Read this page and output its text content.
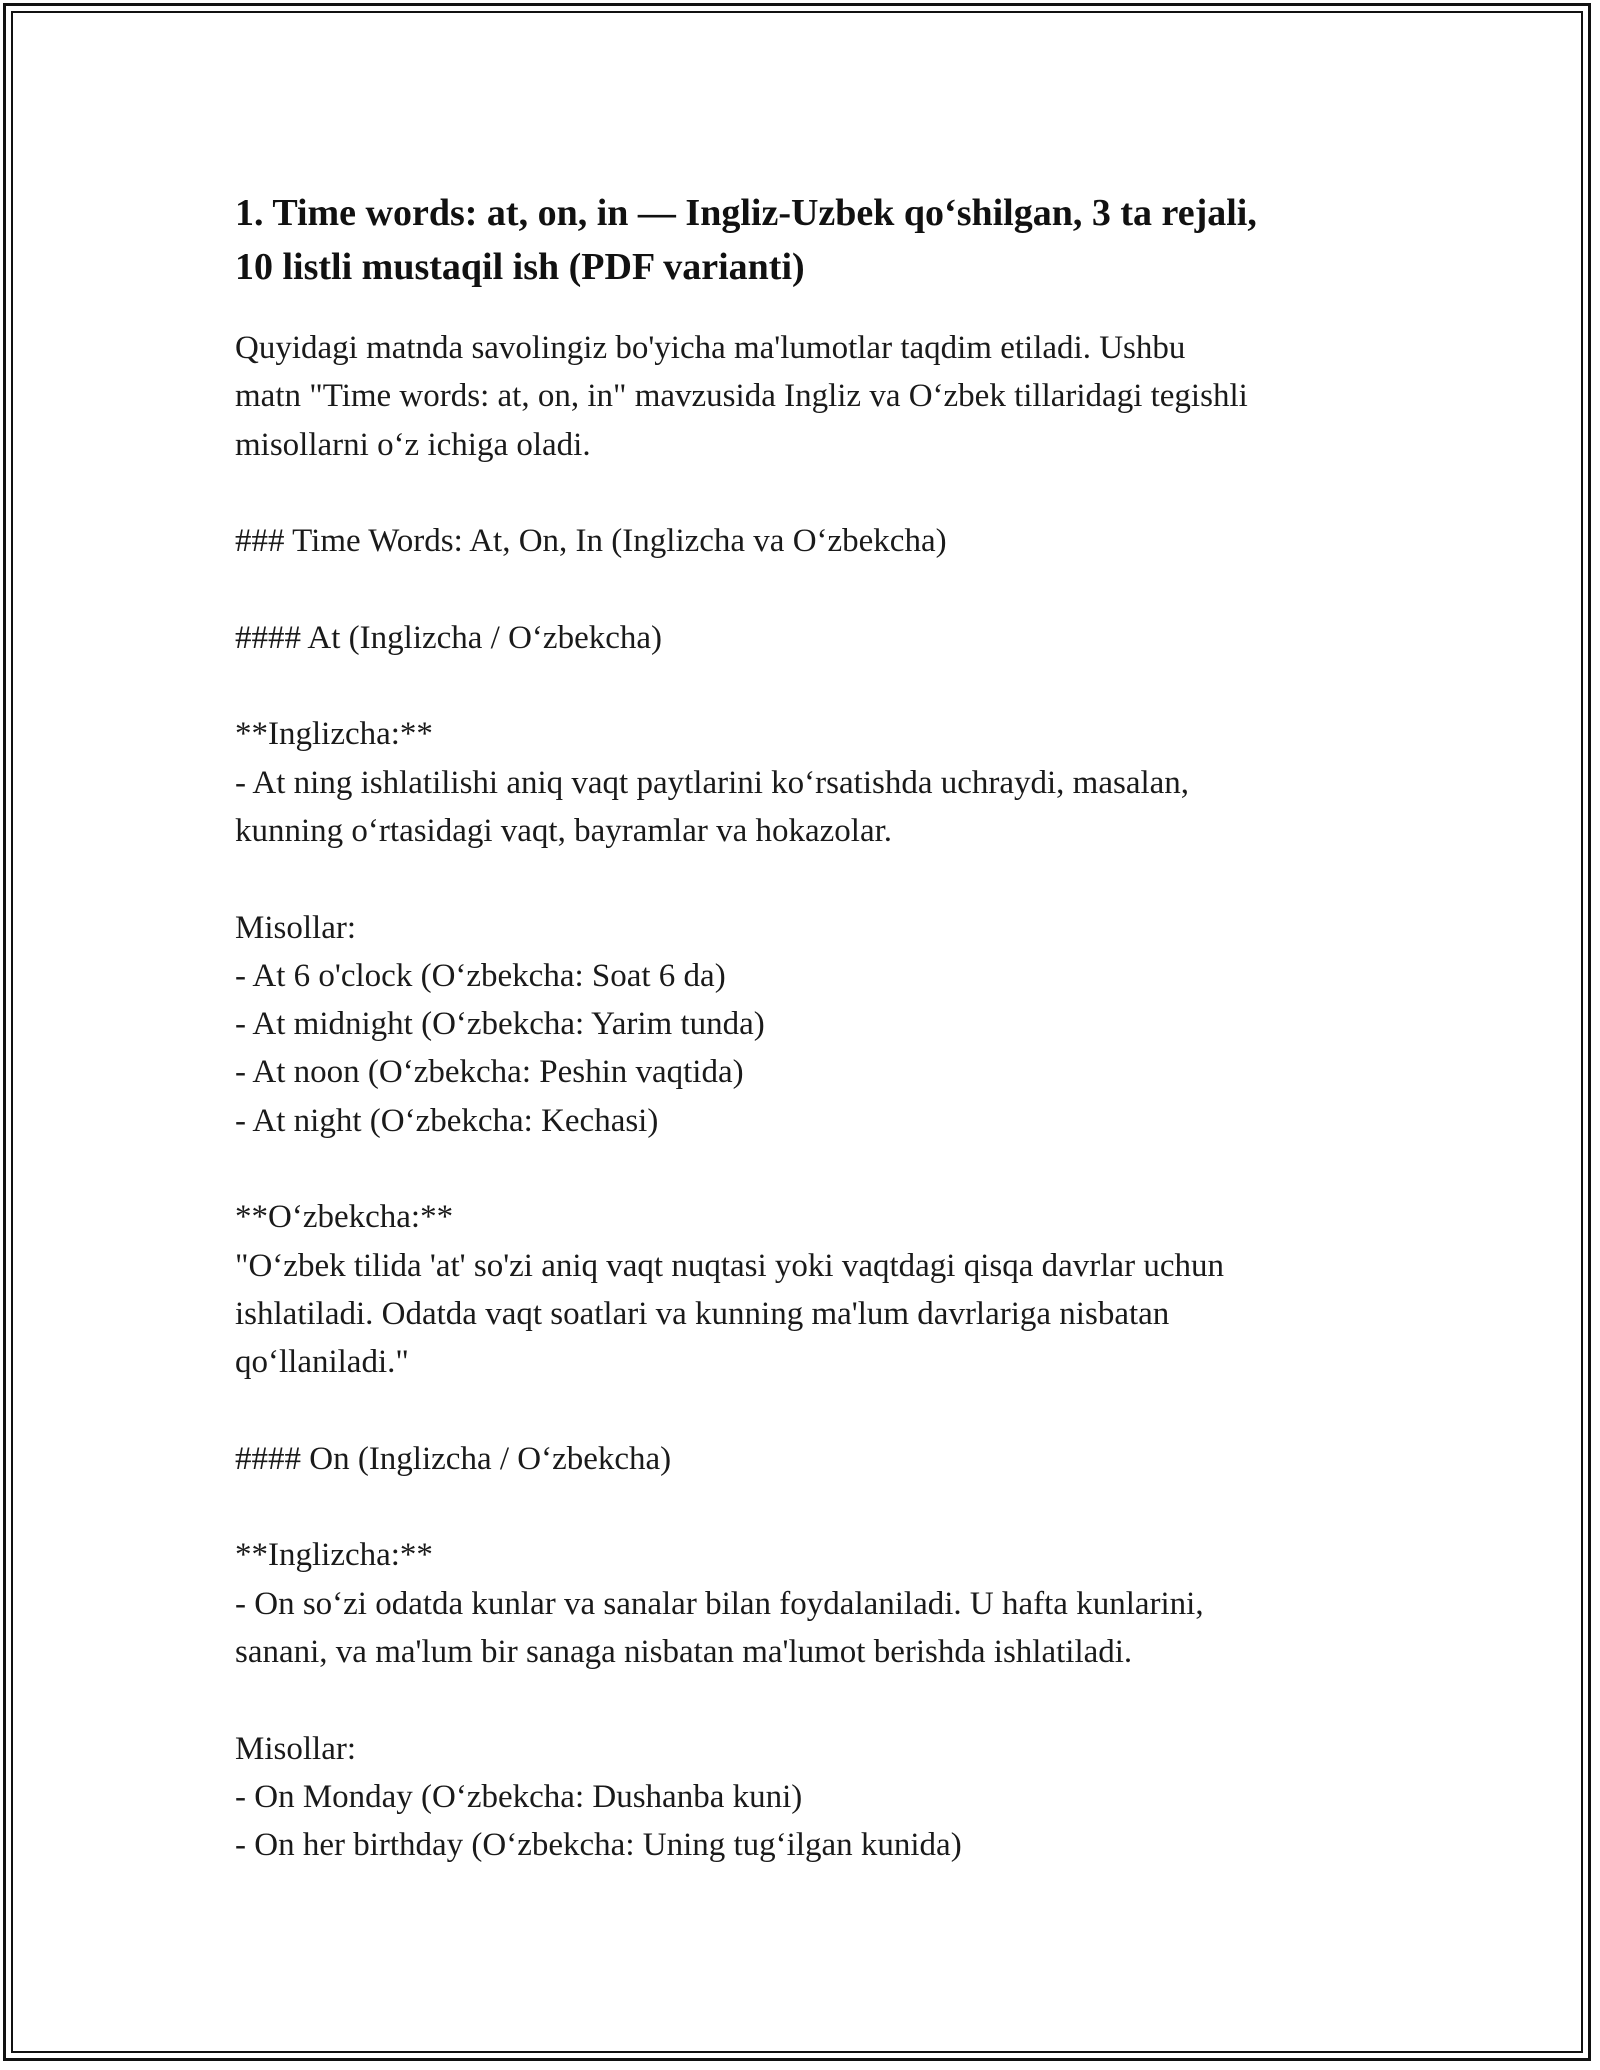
1. Time words: at, on, in — Ingliz-Uzbek qo‘shilgan, 3 ta rejali,
10 listli mustaqil ish (PDF varianti)
Quyidagi matnda savolingiz bo'yicha ma'lumotlar taqdim etiladi. Ushbu
matn "Time words: at, on, in" mavzusida Ingliz va O‘zbek tillaridagi tegishli
misollarni o‘z ichiga oladi.
### Time Words: At, On, In (Inglizcha va O‘zbekcha)
#### At (Inglizcha / O‘zbekcha)
**Inglizcha:**
- At ning ishlatilishi aniq vaqt paytlarini ko‘rsatishda uchraydi, masalan,
kunning o‘rtasidagi vaqt, bayramlar va hokazolar.
Misollar:
- At 6 o'clock (O‘zbekcha: Soat 6 da)
- At midnight (O‘zbekcha: Yarim tunda)
- At noon (O‘zbekcha: Peshin vaqtida)
- At night (O‘zbekcha: Kechasi)
**O‘zbekcha:**
"O‘zbek tilida 'at' so'zi aniq vaqt nuqtasi yoki vaqtdagi qisqa davrlar uchun
ishlatiladi. Odatda vaqt soatlari va kunning ma'lum davrlariga nisbatan
qo‘llaniladi."
#### On (Inglizcha / O‘zbekcha)
**Inglizcha:**
- On so‘zi odatda kunlar va sanalar bilan foydalaniladi. U hafta kunlarini,
sanani, va ma'lum bir sanaga nisbatan ma'lumot berishda ishlatiladi.
Misollar:
- On Monday (O‘zbekcha: Dushanba kuni)
- On her birthday (O‘zbekcha: Uning tug‘ilgan kunida)
